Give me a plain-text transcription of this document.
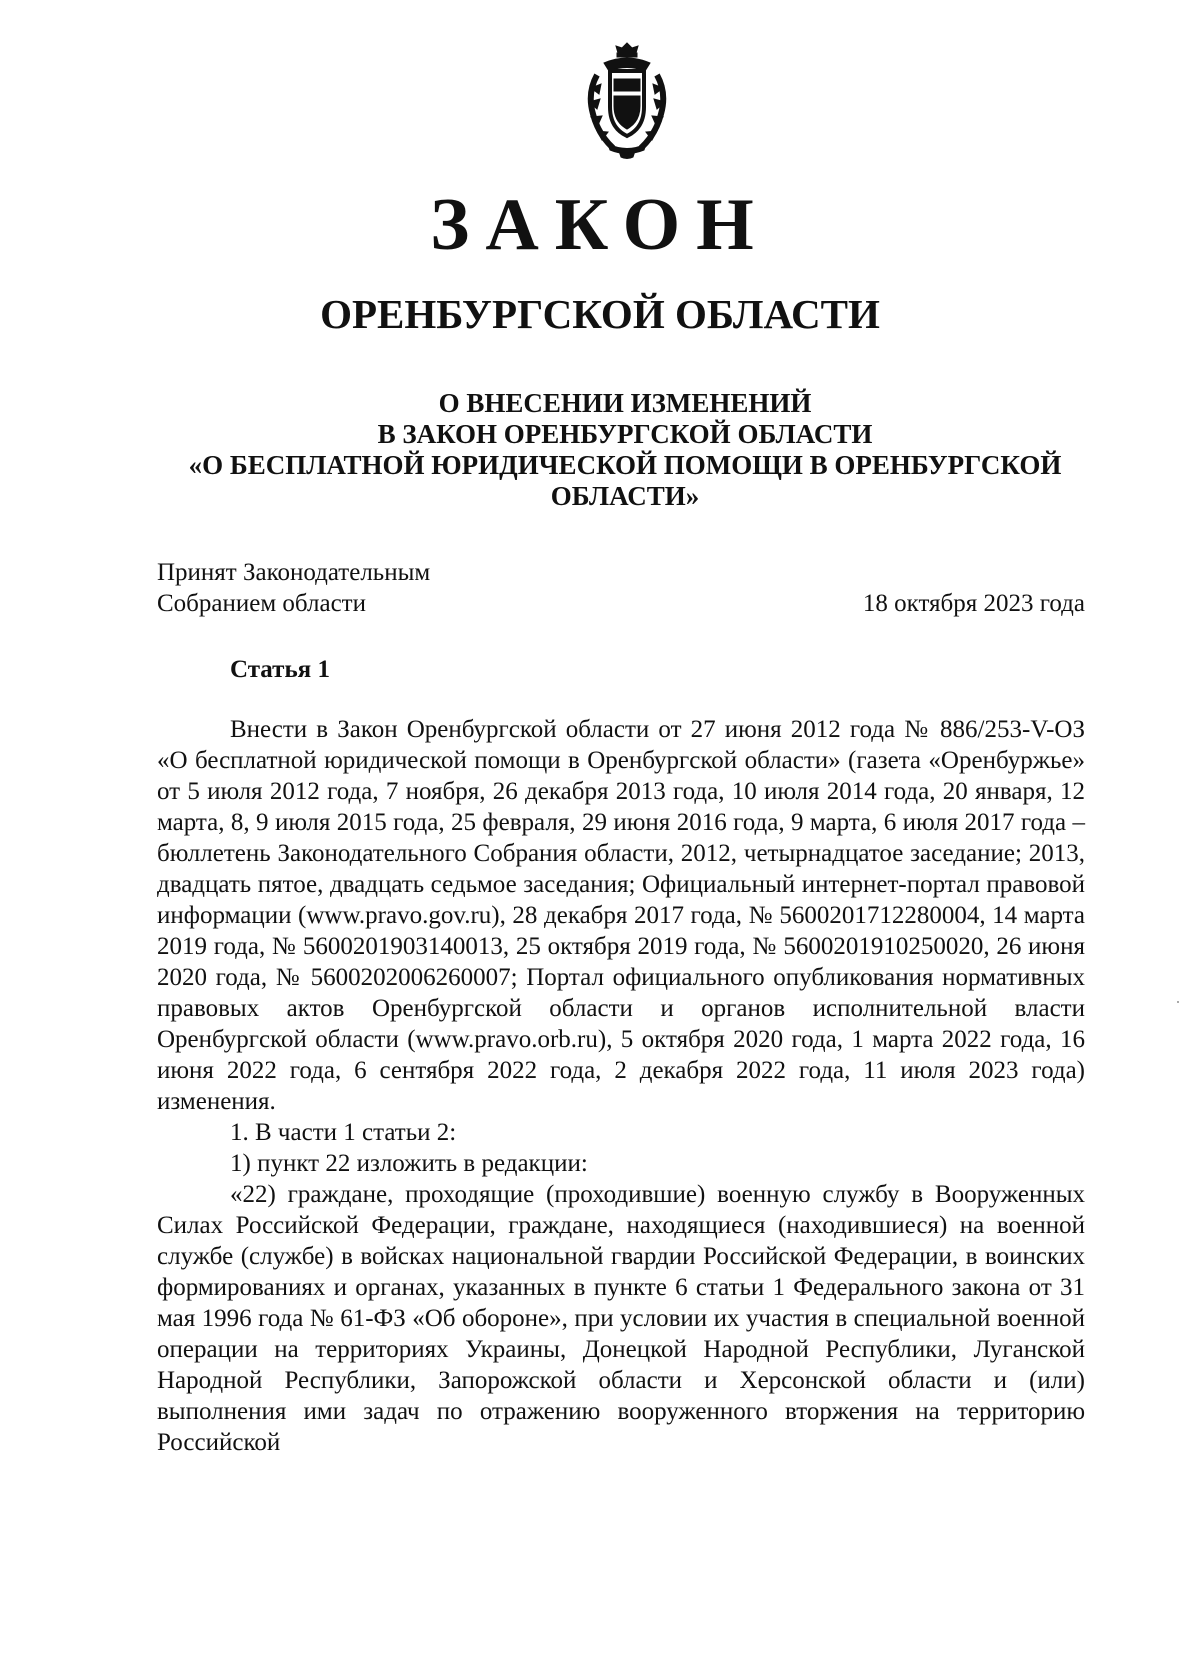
ЗАКОН
ОРЕНБУРГСКОЙ ОБЛАСТИ
О ВНЕСЕНИИ ИЗМЕНЕНИЙ
В ЗАКОН ОРЕНБУРГСКОЙ ОБЛАСТИ
«О БЕСПЛАТНОЙ ЮРИДИЧЕСКОЙ ПОМОЩИ В ОРЕНБУРГСКОЙ
ОБЛАСТИ»
Принят Законодательным
Собранием области	18 октября 2023 года
Статья 1

Внести в Закон Оренбургской области от 27 июня 2012 года № 886/253-V-ОЗ «О бесплатной юридической помощи в Оренбургской области» (газета «Оренбуржье» от 5 июля 2012 года, 7 ноября, 26 декабря 2013 года, 10 июля 2014 года, 20 января, 12 марта, 8, 9 июля 2015 года, 25 февраля, 29 июня 2016 года, 9 марта, 6 июля 2017 года – бюллетень Законодательного Собрания области, 2012, четырнадцатое заседание; 2013, двадцать пятое, двадцать седьмое заседания; Официальный интернет-портал правовой информации (www.pravo.gov.ru), 28 декабря 2017 года, № 5600201712280004, 14 марта 2019 года, № 5600201903140013, 25 октября 2019 года, № 5600201910250020, 26 июня 2020 года, № 5600202006260007; Портал официального опубликования нормативных правовых актов Оренбургской области и органов исполнительной власти Оренбургской области (www.pravo.orb.ru), 5 октября 2020 года, 1 марта 2022 года, 16 июня 2022 года, 6 сентября 2022 года, 2 декабря 2022 года, 11 июля 2023 года) изменения.

1. В части 1 статьи 2:

1) пункт 22 изложить в редакции:

«22) граждане, проходящие (проходившие) военную службу в Вооруженных Силах Российской Федерации, граждане, находящиеся (находившиеся) на военной службе (службе) в войсках национальной гвардии Российской Федерации, в воинских формированиях и органах, указанных в пункте 6 статьи 1 Федерального закона от 31 мая 1996 года № 61-ФЗ «Об обороне», при условии их участия в специальной военной операции на территориях Украины, Донецкой Народной Республики, Луганской Народной Республики, Запорожской области и Херсонской области и (или) выполнения ими задач по отражению вооруженного вторжения на территорию Российской
